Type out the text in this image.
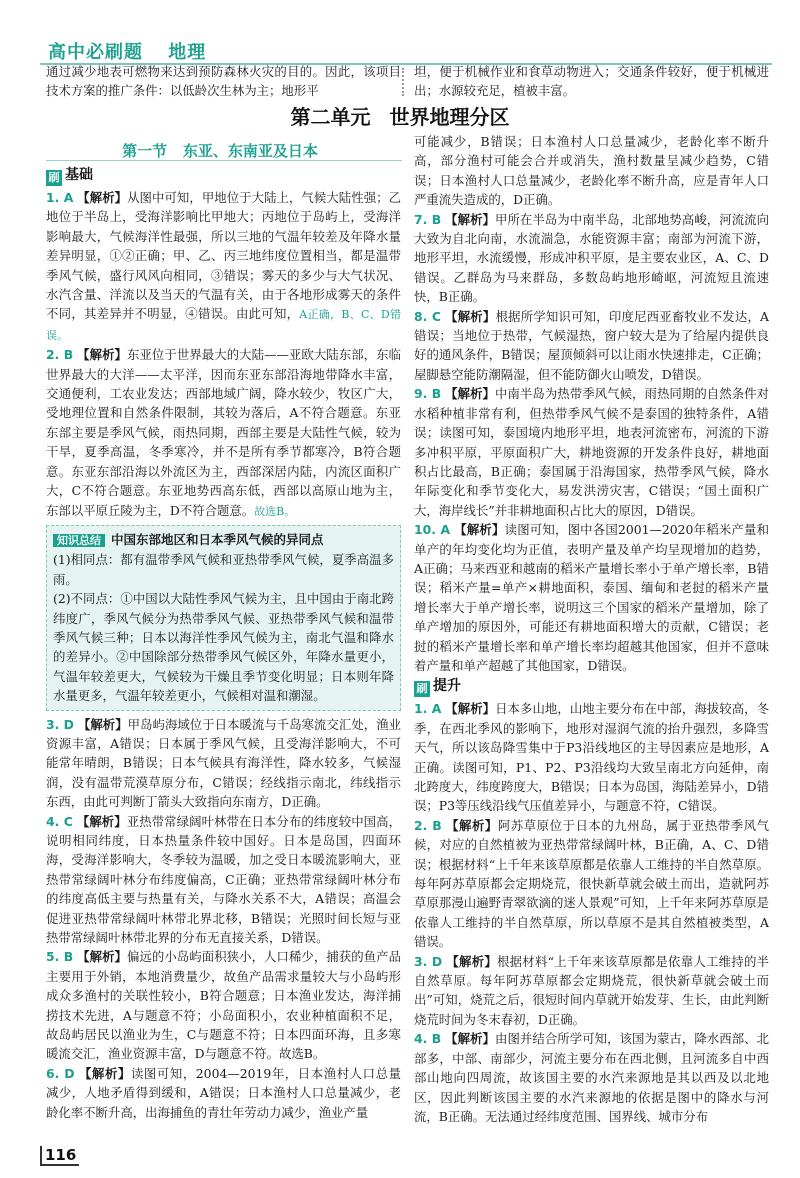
高中必刷题 地理

通过减少地表可燃物来达到预防森林火灾的目的。因此，该项目技术方案的推广条件：以低龄次生林为主；地形平

坦，便于机械作业和食草动物进入；交通条件较好，便于机械进出；水源较充足，植被丰富。

第二单元 世界地理分区
第一节 东亚、东南亚及日本
刷 基础

1. A 【解析】从图中可知，甲地位于大陆上，气候大陆性强；乙地位于半岛上，受海洋影响比甲地大；丙地位于岛屿上，受海洋影响最大，气候海洋性最强，所以三地的气温年较差及年降水量差异明显，①②正确；甲、乙、丙三地纬度位置相当，都是温带季风气候，盛行风风向相同，③错误；雾天的多少与大气状况、水汽含量、洋流以及当天的气温有关，由于各地形成雾天的条件不同，其差异并不明显，④错误。由此可知，A正确，B、C、D错误。

2. B 【解析】东亚位于世界最大的大陆——亚欧大陆东部，东临世界最大的大洋——太平洋，因而东亚东部沿海地带降水丰富，交通便利，工农业发达；西部地域广阔，降水较少，牧区广大，受地理位置和自然条件限制，其较为落后，A不符合题意。东亚东部主要是季风气候，雨热同期，西部主要是大陆性气候，较为干旱，夏季高温，冬季寒冷，并不是所有季节都寒冷，B符合题意。东亚东部沿海以外流区为主，西部深居内陆，内流区面积广大，C不符合题意。东亚地势西高东低，西部以高原山地为主，东部以平原丘陵为主，D不符合题意。故选B。

知识总结 中国东部地区和日本季风气候的异同点

(1)相同点：都有温带季风气候和亚热带季风气候，夏季高温多雨。

(2)不同点：①中国以大陆性季风气候为主，且中国由于南北跨纬度广，季风气候分为热带季风气候、亚热带季风气候和温带季风气候三种；日本以海洋性季风气候为主，南北气温和降水的差异小。②中国除部分热带季风气候区外，年降水量更小，气温年较差更大，气候较为干燥且季节变化明显；日本则年降水量更多，气温年较差更小，气候相对温和潮湿。

3. D 【解析】甲岛屿海域位于日本暖流与千岛寒流交汇处，渔业资源丰富，A错误；日本属于季风气候，且受海洋影响大，不可能常年晴朗，B错误；日本气候具有海洋性，降水较多，气候湿润，没有温带荒漠草原分布，C错误；经线指示南北，纬线指示东西，由此可判断丁箭头大致指向东南方，D正确。

4. C 【解析】亚热带常绿阔叶林带在日本分布的纬度较中国高，说明相同纬度，日本热量条件较中国好。日本是岛国，四面环海，受海洋影响大，冬季较为温暖，加之受日本暖流影响大，亚热带常绿阔叶林分布纬度偏高，C正确；亚热带常绿阔叶林分布的纬度高低主要与热量有关，与降水关系不大，A错误；高温会促进亚热带常绿阔叶林带北界北移，B错误；光照时间长短与亚热带常绿阔叶林带北界的分布无直接关系，D错误。

5. B 【解析】偏远的小岛屿面积狭小，人口稀少，捕获的鱼产品主要用于外销，本地消费量少，故鱼产品需求量较大与小岛屿形成众多渔村的关联性较小，B符合题意；日本渔业发达，海洋捕捞技术先进，A与题意不符；小岛面积小，农业种植面积不足，故岛屿居民以渔业为生，C与题意不符；日本四面环海，且多寒暖流交汇，渔业资源丰富，D与题意不符。故选B。

6. D 【解析】读图可知，2004—2019年，日本渔村人口总量减少，人地矛盾得到缓和，A错误；日本渔村人口总量减少，老龄化率不断升高，出海捕鱼的青壮年劳动力减少，渔业产量

可能减少，B错误；日本渔村人口总量减少，老龄化率不断升高，部分渔村可能会合并或消失，渔村数量呈减少趋势，C错误；日本渔村人口总量减少，老龄化率不断升高，应是青年人口严重流失造成的，D正确。

7. B 【解析】甲所在半岛为中南半岛，北部地势高峻，河流流向大致为自北向南，水流湍急，水能资源丰富；南部为河流下游，地形平坦，水流缓慢，形成冲积平原，是主要农业区，A、C、D错误。乙群岛为马来群岛，多数岛屿地形崎岖，河流短且流速快，B正确。

8. C 【解析】根据所学知识可知，印度尼西亚畜牧业不发达，A错误；当地位于热带，气候湿热，窗户较大是为了给屋内提供良好的通风条件，B错误；屋顶倾斜可以让雨水快速排走，C正确；屋脚悬空能防潮隔湿，但不能防御火山喷发，D错误。

9. B 【解析】中南半岛为热带季风气候，雨热同期的自然条件对水稻种植非常有利，但热带季风气候不是泰国的独特条件，A错误；读图可知，泰国境内地形平坦，地表河流密布，河流的下游多冲积平原，平原面积广大，耕地资源的开发条件良好，耕地面积占比最高，B正确；泰国属于沿海国家，热带季风气候，降水年际变化和季节变化大，易发洪涝灾害，C错误；“国土面积广大，海岸线长”并非耕地面积占比大的原因，D错误。

10. A 【解析】读图可知，图中各国2001—2020年稻米产量和单产的年均变化均为正值，表明产量及单产均呈现增加的趋势，A正确；马来西亚和越南的稻米产量增长率小于单产增长率，B错误；稻米产量=单产×耕地面积，泰国、缅甸和老挝的稻米产量增长率大于单产增长率，说明这三个国家的稻米产量增加，除了单产增加的原因外，可能还有耕地面积增大的贡献，C错误；老挝的稻米产量增长率和单产增长率均超越其他国家，但并不意味着产量和单产超越了其他国家，D错误。

刷 提升

1. A 【解析】日本多山地，山地主要分布在中部，海拔较高，冬季，在西北季风的影响下，地形对湿润气流的抬升强烈，多降雪天气，所以该岛降雪集中于P3沿线地区的主导因素应是地形，A正确。读图可知，P1、P2、P3沿线均大致呈南北方向延伸，南北跨度大，纬度跨度大，B错误；日本为岛国，海陆差异小，D错误；P3等压线沿线气压值差异小，与题意不符，C错误。

2. B 【解析】阿苏草原位于日本的九州岛，属于亚热带季风气候，对应的自然植被为亚热带常绿阔叶林，B正确，A、C、D错误；根据材料“上千年来该草原都是依靠人工维持的半自然草原。每年阿苏草原都会定期烧荒，很快新草就会破土而出，造就阿苏草原那漫山遍野青翠欲滴的迷人景观”可知，上千年来阿苏草原是依靠人工维持的半自然草原，所以草原不是其自然植被类型，A错误。

3. D 【解析】根据材料“上千年来该草原都是依靠人工维持的半自然草原。每年阿苏草原都会定期烧荒，很快新草就会破土而出”可知，烧荒之后，很短时间内草就开始发芽、生长，由此判断烧荒时间为冬末春初，D正确。

4. B 【解析】由图并结合所学可知，该国为蒙古，降水西部、北部多，中部、南部少，河流主要分布在西北侧，且河流多自中西部山地向四周流，故该国主要的水汽来源地是其以西及以北地区，因此判断该国主要的水汽来源地的依据是图中的降水与河流，B正确。无法通过经纬度范围、国界线、城市分布

116
